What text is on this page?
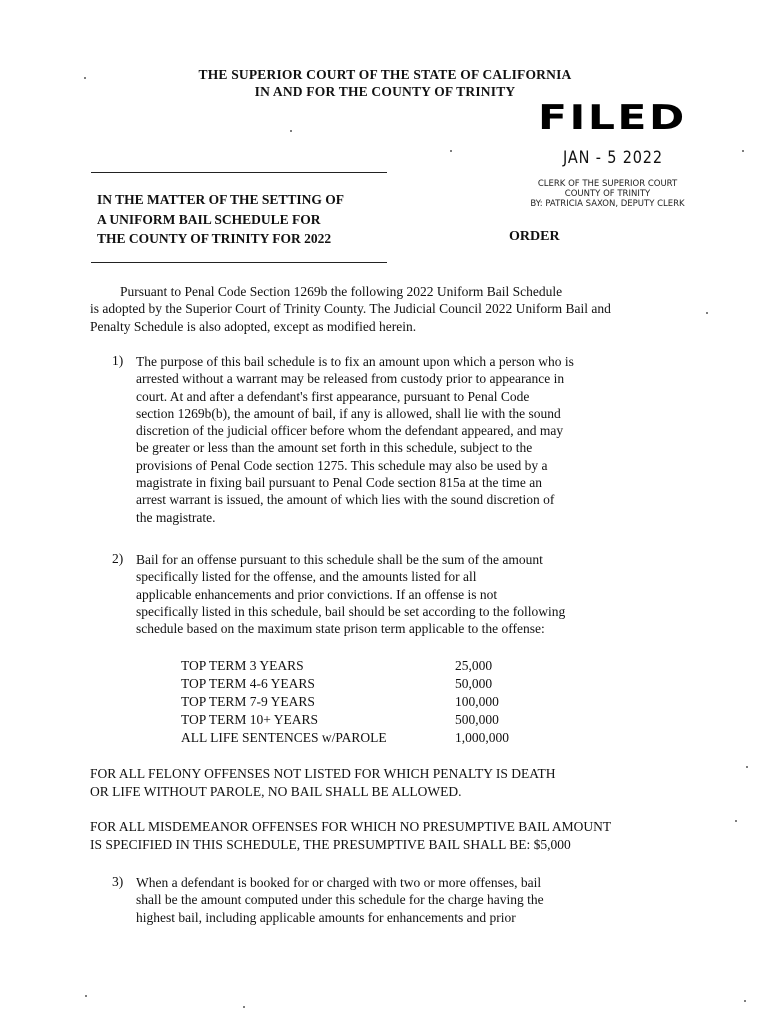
THE SUPERIOR COURT OF THE STATE OF CALIFORNIA
IN AND FOR THE COUNTY OF TRINITY
FILED
JAN - 5 2022
CLERK OF THE SUPERIOR COURT
COUNTY OF TRINITY
BY: PATRICIA SAXON, DEPUTY CLERK
IN THE MATTER OF THE SETTING OF
A UNIFORM BAIL SCHEDULE FOR
THE COUNTY OF TRINITY FOR 2022	ORDER
Pursuant to Penal Code Section 1269b the following 2022 Uniform Bail Schedule
is adopted by the Superior Court of Trinity County. The Judicial Council 2022 Uniform Bail and
Penalty Schedule is also adopted, except as modified herein.
1) The purpose of this bail schedule is to fix an amount upon which a person who is
arrested without a warrant may be released from custody prior to appearance in
court. At and after a defendant's first appearance, pursuant to Penal Code
section 1269b(b), the amount of bail, if any is allowed, shall lie with the sound
discretion of the judicial officer before whom the defendant appeared, and may
be greater or less than the amount set forth in this schedule, subject to the
provisions of Penal Code section 1275. This schedule may also be used by a
magistrate in fixing bail pursuant to Penal Code section 815a at the time an
arrest warrant is issued, the amount of which lies with the sound discretion of
the magistrate.
2) Bail for an offense pursuant to this schedule shall be the sum of the amount
specifically listed for the offense, and the amounts listed for all
applicable enhancements and prior convictions. If an offense is not
specifically listed in this schedule, bail should be set according to the following
schedule based on the maximum state prison term applicable to the offense:
TOP TERM 3 YEARS	25,000
TOP TERM 4-6 YEARS	50,000
TOP TERM 7-9 YEARS	100,000
TOP TERM 10+ YEARS	500,000
ALL LIFE SENTENCES w/PAROLE	1,000,000
FOR ALL FELONY OFFENSES NOT LISTED FOR WHICH PENALTY IS DEATH
OR LIFE WITHOUT PAROLE, NO BAIL SHALL BE ALLOWED.
FOR ALL MISDEMEANOR OFFENSES FOR WHICH NO PRESUMPTIVE BAIL AMOUNT
IS SPECIFIED IN THIS SCHEDULE, THE PRESUMPTIVE BAIL SHALL BE: $5,000
3) When a defendant is booked for or charged with two or more offenses, bail
shall be the amount computed under this schedule for the charge having the
highest bail, including applicable amounts for enhancements and prior
